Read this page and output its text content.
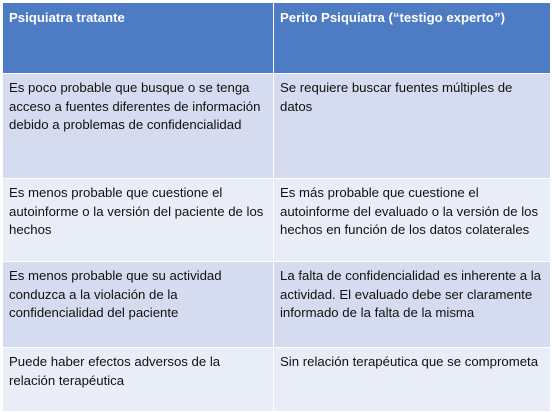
Psiquiatra tratante	Perito Psiquiatra (“testigo experto”)
Es poco probable que busque o se tenga acceso a fuentes diferentes de información debido a problemas de confidencialidad	Se requiere buscar fuentes múltiples de datos
Es menos probable que cuestione el autoinforme o la versión del paciente de los hechos	Es más probable que cuestione el autoinforme del evaluado o la versión de los hechos en función de los datos colaterales
Es menos probable que su actividad conduzca a la violación de la confidencialidad del paciente	La falta de confidencialidad es inherente a la actividad. El evaluado debe ser claramente informado de la falta de la misma
Puede haber efectos adversos de la relación terapéutica	Sin relación terapéutica que se comprometa
